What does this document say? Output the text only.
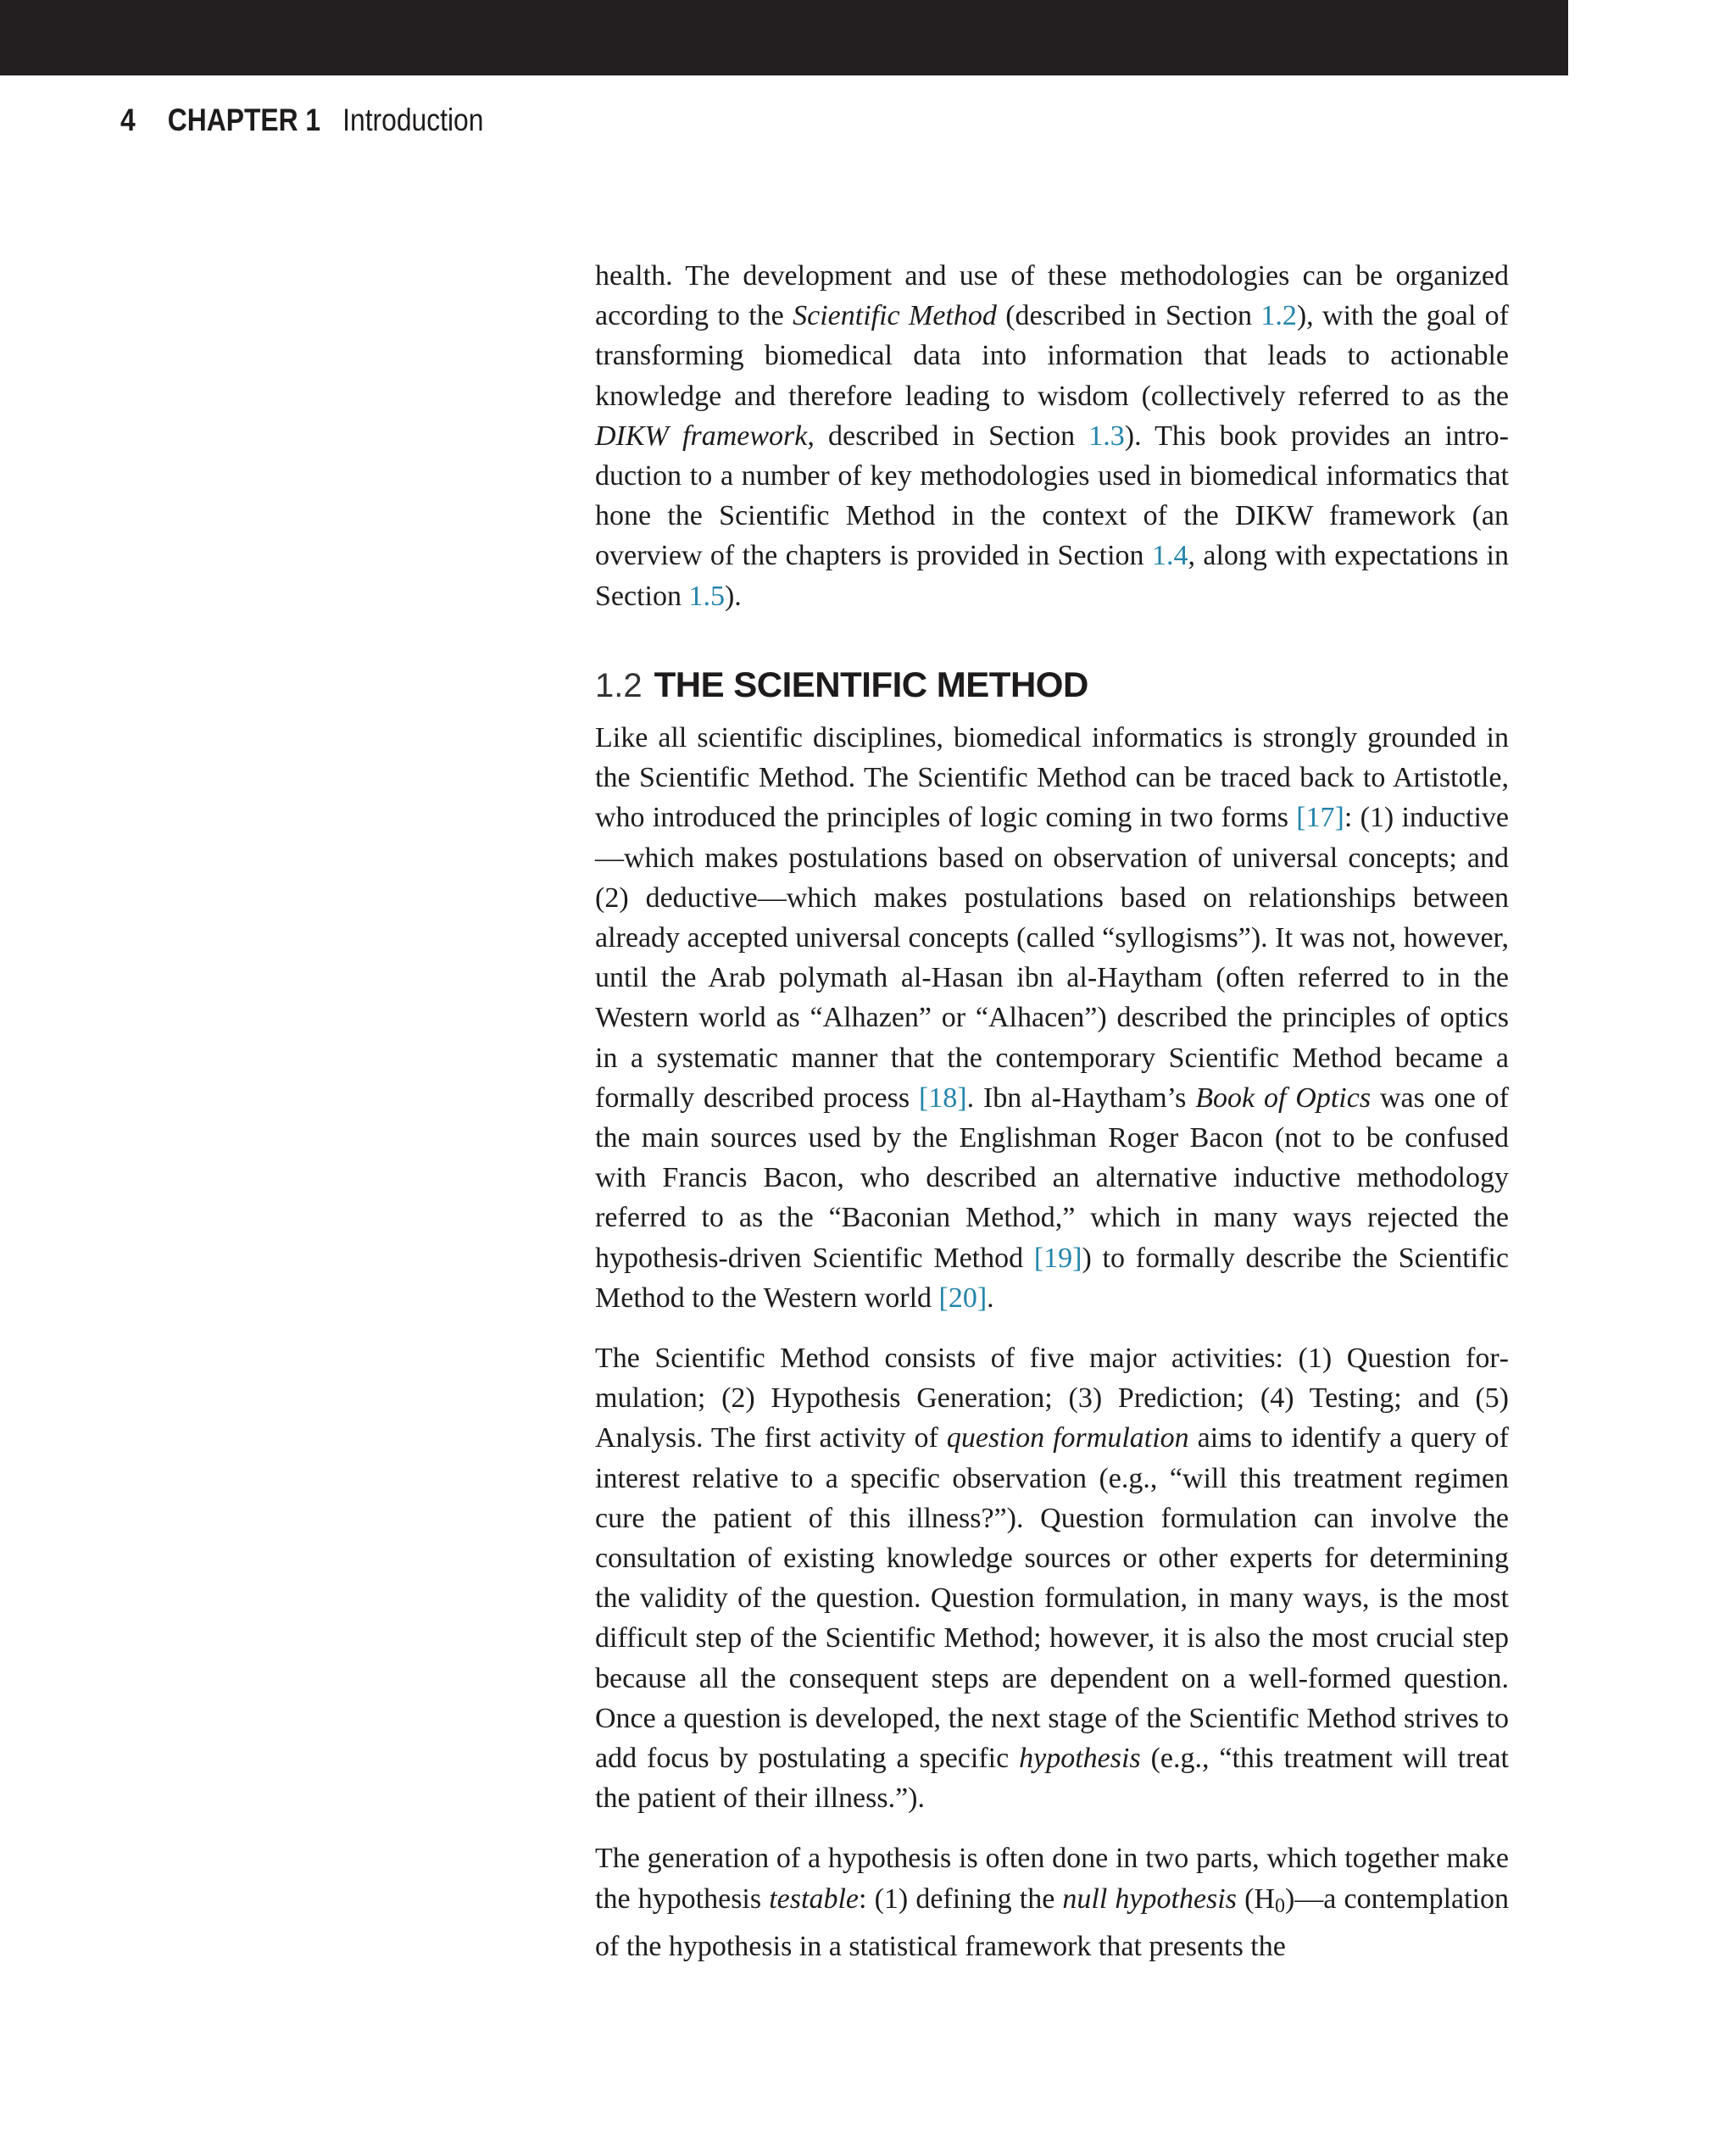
4 CHAPTER 1 Introduction

health. The development and use of these methodologies can be organized according to the Scientific Method (described in Section 1.2), with the goal of transforming biomedical data into information that leads to actionable knowledge and therefore leading to wisdom (collectively referred to as the DIKW framework, described in Section 1.3). This book provides an introduction to a number of key methodologies used in biomedical informatics that hone the Scientific Method in the context of the DIKW framework (an overview of the chapters is provided in Section 1.4, along with expectations in Section 1.5).

1.2 THE SCIENTIFIC METHOD

Like all scientific disciplines, biomedical informatics is strongly grounded in the Scientific Method. The Scientific Method can be traced back to Artistotle, who introduced the principles of logic coming in two forms [17]: (1) inductive—which makes postulations based on observation of universal concepts; and (2) deductive—which makes postulations based on relationships between already accepted universal concepts (called “syllogisms”). It was not, however, until the Arab polymath al-Hasan ibn al-Haytham (often referred to in the Western world as “Alhazen” or “Alhacen”) described the principles of optics in a systematic manner that the contemporary Scientific Method became a formally described process [18]. Ibn al-Haytham’s Book of Optics was one of the main sources used by the Englishman Roger Bacon (not to be confused with Francis Bacon, who described an alternative inductive methodology referred to as the “Baconian Method,” which in many ways rejected the hypothesis-driven Scientific Method [19]) to formally describe the Scientific Method to the Western world [20].

The Scientific Method consists of five major activities: (1) Question formulation; (2) Hypothesis Generation; (3) Prediction; (4) Testing; and (5) Analysis. The first activity of question formulation aims to identify a query of interest relative to a specific observation (e.g., “will this treatment regimen cure the patient of this illness?”). Question formulation can involve the consultation of existing knowledge sources or other experts for determining the validity of the question. Question formulation, in many ways, is the most difficult step of the Scientific Method; however, it is also the most crucial step because all the consequent steps are dependent on a well-formed question. Once a question is developed, the next stage of the Scientific Method strives to add focus by postulating a specific hypothesis (e.g., “this treatment will treat the patient of their illness.”).

The generation of a hypothesis is often done in two parts, which together make the hypothesis testable: (1) defining the null hypothesis $(H_0)—a$ contemplation of the hypothesis in a statistical framework that presents the
